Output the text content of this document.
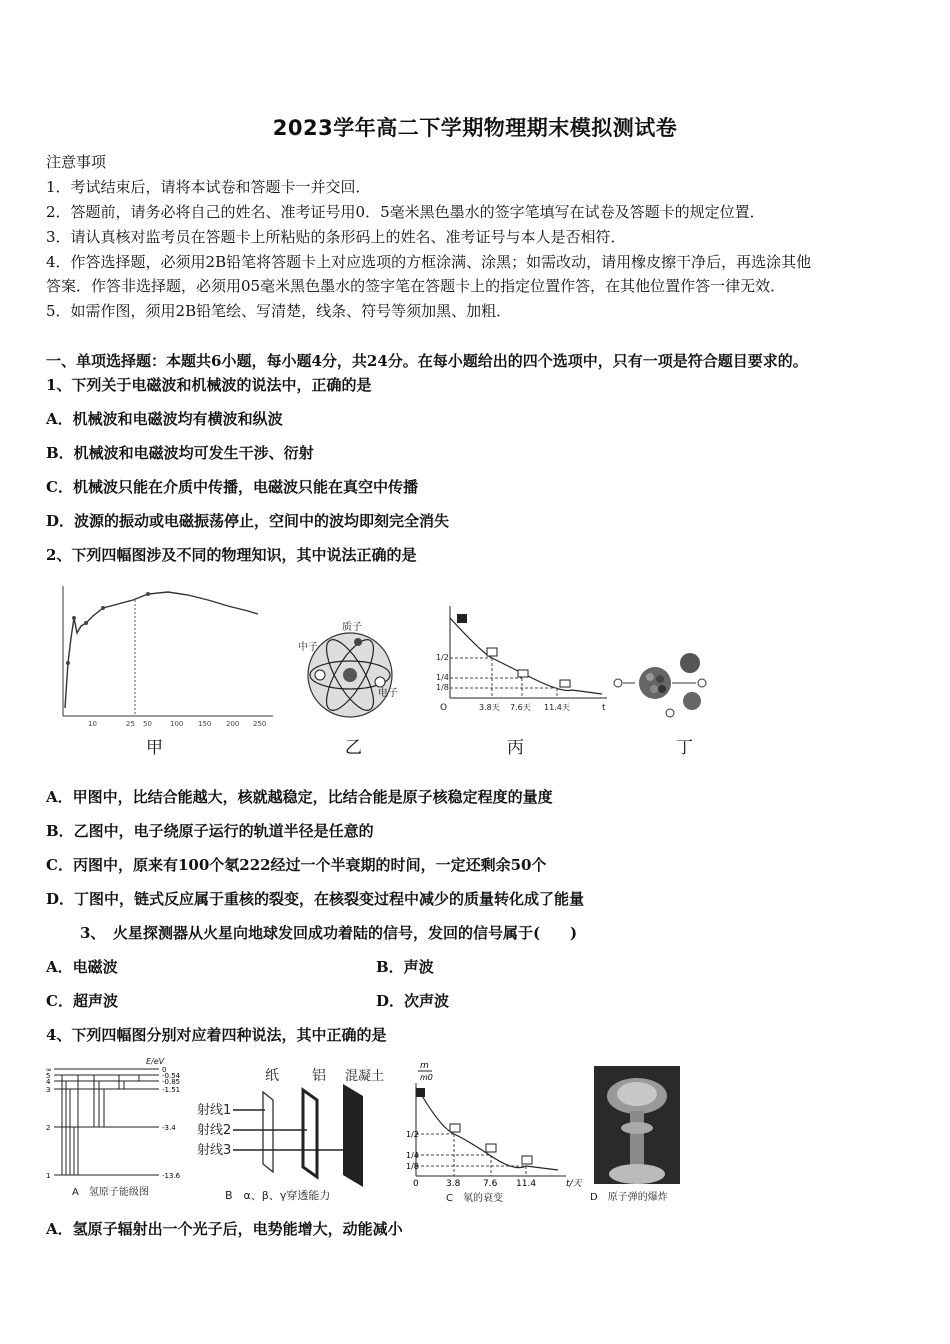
2023学年高二下学期物理期末模拟测试卷
注意事项
1．考试结束后，请将本试卷和答题卡一并交回．
2．答题前，请务必将自己的姓名、准考证号用0．5毫米黑色墨水的签字笔填写在试卷及答题卡的规定位置．
3．请认真核对监考员在答题卡上所粘贴的条形码上的姓名、准考证号与本人是否相符．
4．作答选择题，必须用2B铅笔将答题卡上对应选项的方框涂满、涂黑；如需改动，请用橡皮擦干净后，再选涂其他
答案．作答非选择题，必须用05毫米黑色墨水的签字笔在答题卡上的指定位置作答，在其他位置作答一律无效．
5．如需作图，须用2B铅笔绘、写清楚，线条、符号等须加黑、加粗．
一、单项选择题：本题共6小题，每小题4分，共24分。在每小题给出的四个选项中，只有一项是符合题目要求的。
1、下列关于电磁波和机械波的说法中，正确的是
A．机械波和电磁波均有横波和纵波
B．机械波和电磁波均可发生干涉、衍射
C．机械波只能在介质中传播，电磁波只能在真空中传播
D．波源的振动或电磁振荡停止，空间中的波均即刻完全消失
2、下列四幅图涉及不同的物理知识，其中说法正确的是
10	25 50	100 150 200 250
甲
中子
质子
电子
乙
1/2
1/4
1/8
O	3.8天 7.6天 11.4天	t
丙	丁
A．甲图中，比结合能越大，核就越稳定，比结合能是原子核稳定程度的量度
B．乙图中，电子绕原子运行的轨道半径是任意的
C．丙图中，原来有100个氡222经过一个半衰期的时间，一定还剩余50个
D．丁图中，链式反应属于重核的裂变，在核裂变过程中减少的质量转化成了能量
3、　火星探测器从火星向地球发回成功着陆的信号，发回的信号属于(　　)
A．电磁波	B．声波
C．超声波	D．次声波
4、下列四幅图分别对应着四种说法，其中正确的是
E/eV
∞
5
4
3
2
1
0
-0.54
-0.85
-1.51
-3.4
-13.6
A　氢原子能级图
纸 铝 混凝土
射线1
射线2
射线3
B　α、β、γ穿透能力
m
m0
1/2
1/4
1/8
0	3.8	7.6 11.4	t/天
C　氡的衰变	D　原子弹的爆炸
A．氢原子辐射出一个光子后，电势能增大，动能减小
